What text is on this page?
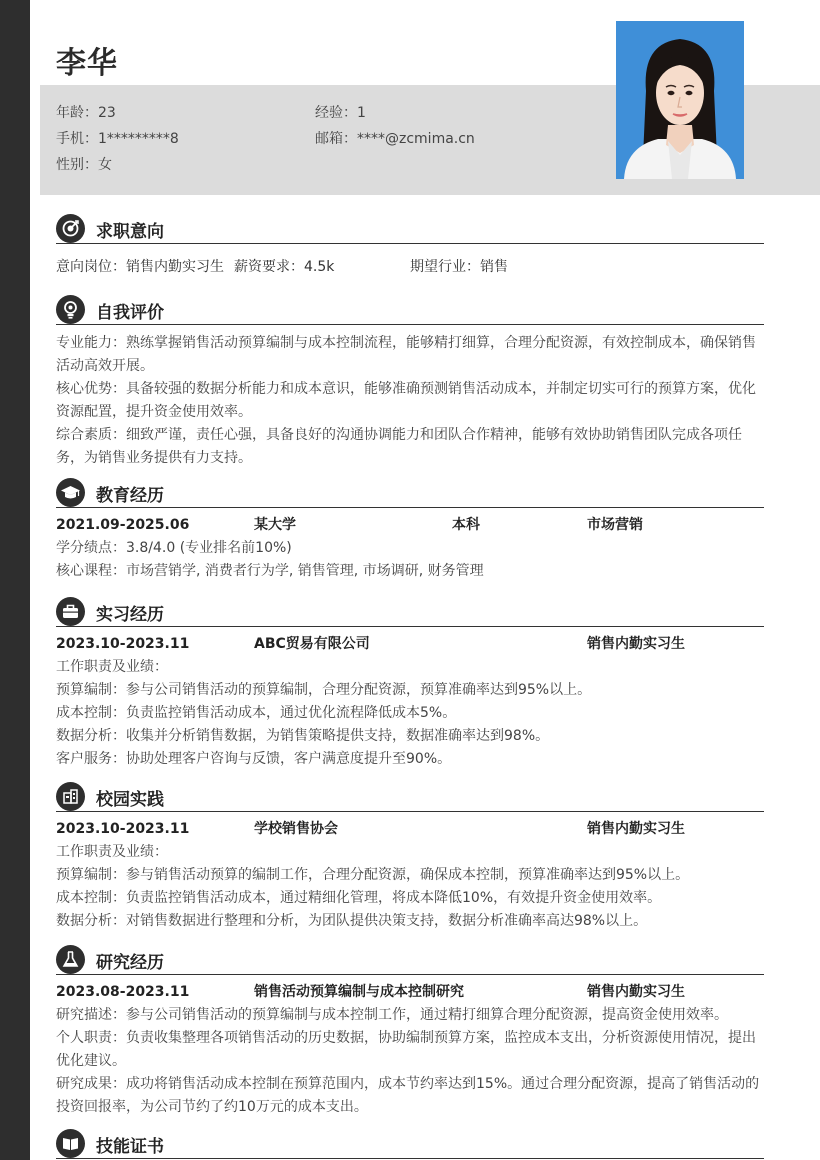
李华
年龄：23	经验：1
手机：1*********8	邮箱：****@zcmima.cn
性别：女
求职意向
意向岗位：销售内勤实习生 薪资要求：4.5k	期望行业：销售
自我评价
专业能力：熟练掌握销售活动预算编制与成本控制流程，能够精打细算，合理分配资源，有效控制成本，确保销售活动高效开展。
核心优势：具备较强的数据分析能力和成本意识，能够准确预测销售活动成本，并制定切实可行的预算方案，优化资源配置，提升资金使用效率。
综合素质：细致严谨，责任心强，具备良好的沟通协调能力和团队合作精神，能够有效协助销售团队完成各项任务，为销售业务提供有力支持。
教育经历
2021.09-2025.06	某大学	本科	市场营销
学分绩点：3.8/4.0 (专业排名前10%)
核心课程：市场营销学, 消费者行为学, 销售管理, 市场调研, 财务管理
实习经历
2023.10-2023.11	ABC贸易有限公司	销售内勤实习生
工作职责及业绩：
预算编制：参与公司销售活动的预算编制，合理分配资源，预算准确率达到95%以上。
成本控制：负责监控销售活动成本，通过优化流程降低成本5%。
数据分析：收集并分析销售数据，为销售策略提供支持，数据准确率达到98%。
客户服务：协助处理客户咨询与反馈，客户满意度提升至90%。
校园实践
2023.10-2023.11	学校销售协会	销售内勤实习生
工作职责及业绩：
预算编制：参与销售活动预算的编制工作，合理分配资源，确保成本控制，预算准确率达到95%以上。
成本控制：负责监控销售活动成本，通过精细化管理，将成本降低10%，有效提升资金使用效率。
数据分析：对销售数据进行整理和分析，为团队提供决策支持，数据分析准确率高达98%以上。
研究经历
2023.08-2023.11	销售活动预算编制与成本控制研究	销售内勤实习生
研究描述：参与公司销售活动的预算编制与成本控制工作，通过精打细算合理分配资源，提高资金使用效率。
个人职责：负责收集整理各项销售活动的历史数据，协助编制预算方案，监控成本支出，分析资源使用情况，提出优化建议。
研究成果：成功将销售活动成本控制在预算范围内，成本节约率达到15%。通过合理分配资源，提高了销售活动的投资回报率，为公司节约了约10万元的成本支出。
技能证书
